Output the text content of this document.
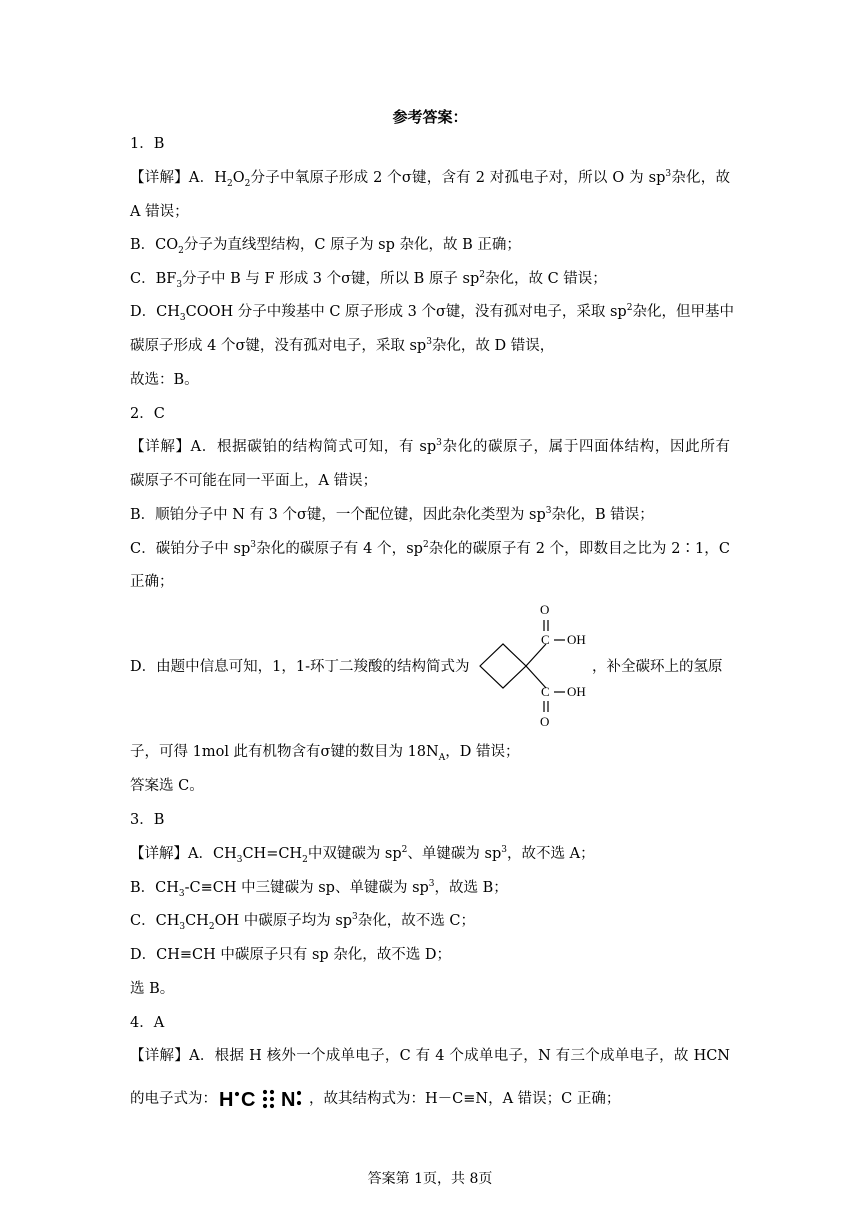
参考答案：
1．B
【详解】A．$H_2O_2$分子中氧原子形成 2 个σ键，含有 2 对孤电子对，所以 O 为 $sp^3$杂化，故
A 错误；
B．$CO_2$分子为直线型结构，C 原子为 sp 杂化，故 B 正确；
C．$BF_3$分子中 B 与 F 形成 3 个σ键，所以 B 原子 $sp^2$杂化，故 C 错误；
D．$CH_3COOH$ 分子中羧基中 C 原子形成 3 个σ键，没有孤对电子，采取 $sp^2$杂化，但甲基中
碳原子形成 4 个σ键，没有孤对电子，采取 $sp^3$杂化，故 D 错误，
故选：B。
2．C
【详解】A．根据碳铂的结构简式可知，有 $sp^3$杂化的碳原子，属于四面体结构，因此所有
碳原子不可能在同一平面上，A 错误；
B．顺铂分子中 N 有 3 个σ键，一个配位键，因此杂化类型为 $sp^3$杂化，B 错误；
C．碳铂分子中 $sp^3$杂化的碳原子有 4 个，$sp^2$杂化的碳原子有 2 个，即数目之比为 2∶1，C
正确；
D．由题中信息可知，1，1-环丁二羧酸的结构简式为	，补全碳环上的氢原
O
C OH
C OH
O
子，可得 1mol 此有机物含有σ键的数目为 $18N_A$，D 错误；
答案选 C。
3．B
【详解】A．$CH_3CH=CH_2$中双键碳为 $sp^2$、单键碳为 $sp^3$，故不选 A；
B．$CH_3-C\equiv CH$ 中三键碳为 sp、单键碳为 $sp^3$，故选 B；
C．$CH_3CH_2OH$ 中碳原子均为 $sp^3$杂化，故不选 C；
D．CH≡CH 中碳原子只有 sp 杂化，故不选 D；
选 B。
4．A
【详解】A．根据 H 核外一个成单电子，C 有 4 个成单电子，N 有三个成单电子，故 HCN
的电子式为： H C N ，故其结构式为：H－C≡N，A 错误；C 正确；
答案第 1页，共 8页
